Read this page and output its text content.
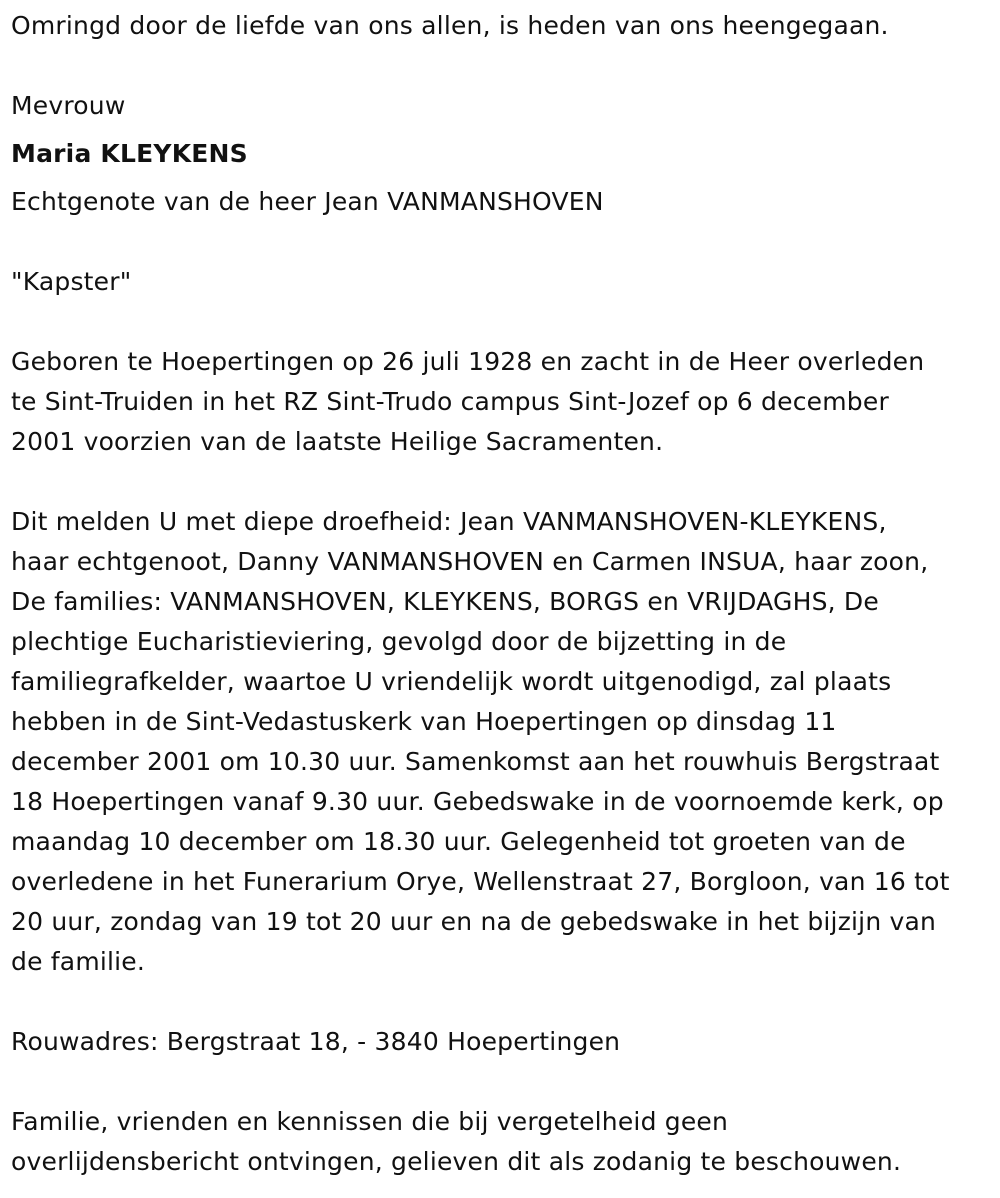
Omringd door de liefde van ons allen, is heden van ons heengegaan.
Mevrouw
Maria KLEYKENS
Echtgenote van de heer Jean VANMANSHOVEN
"Kapster"
Geboren te Hoepertingen op 26 juli 1928 en zacht in de Heer overleden
te Sint-Truiden in het RZ Sint-Trudo campus Sint-Jozef op 6 december
2001 voorzien van de laatste Heilige Sacramenten.
Dit melden U met diepe droefheid: Jean VANMANSHOVEN-KLEYKENS,
haar echtgenoot, Danny VANMANSHOVEN en Carmen INSUA, haar zoon,
De families: VANMANSHOVEN, KLEYKENS, BORGS en VRIJDAGHS, De
plechtige Eucharistieviering, gevolgd door de bijzetting in de
familiegrafkelder, waartoe U vriendelijk wordt uitgenodigd, zal plaats
hebben in de Sint-Vedastuskerk van Hoepertingen op dinsdag 11
december 2001 om 10.30 uur. Samenkomst aan het rouwhuis Bergstraat
18 Hoepertingen vanaf 9.30 uur. Gebedswake in de voornoemde kerk, op
maandag 10 december om 18.30 uur. Gelegenheid tot groeten van de
overledene in het Funerarium Orye, Wellenstraat 27, Borgloon, van 16 tot
20 uur, zondag van 19 tot 20 uur en na de gebedswake in het bijzijn van
de familie.
Rouwadres: Bergstraat 18, - 3840 Hoepertingen
Familie, vrienden en kennissen die bij vergetelheid geen
overlijdensbericht ontvingen, gelieven dit als zodanig te beschouwen.
